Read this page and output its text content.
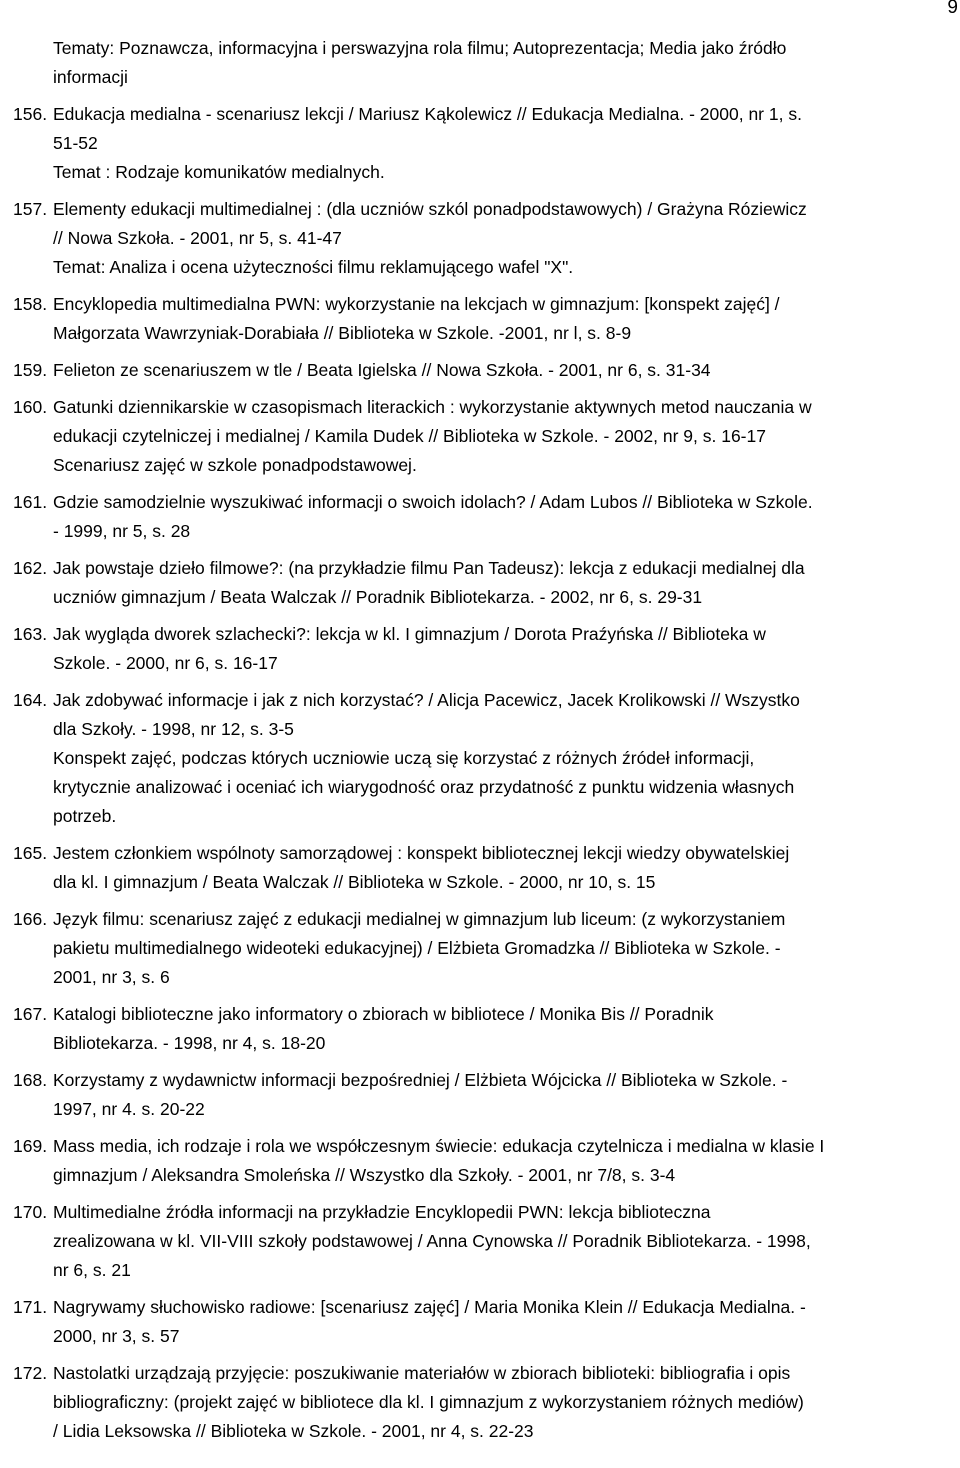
9
Tematy: Poznawcza, informacyjna i perswazyjna rola filmu; Autoprezentacja; Media jako źródło
informacji
156. Edukacja medialna - scenariusz lekcji / Mariusz Kąkolewicz // Edukacja Medialna. - 2000, nr 1, s.
51-52
Temat : Rodzaje komunikatów medialnych.
157. Elementy edukacji multimedialnej : (dla uczniów szkól ponadpodstawowych) / Grażyna Róziewicz
// Nowa Szkoła. - 2001, nr 5, s. 41-47
Temat: Analiza i ocena użyteczności filmu reklamującego wafel "X".
158. Encyklopedia multimedialna PWN: wykorzystanie na lekcjach w gimnazjum: [konspekt zajęć] /
Małgorzata Wawrzyniak-Dorabiała // Biblioteka w Szkole. -2001, nr l, s. 8-9
159. Felieton ze scenariuszem w tle / Beata Igielska // Nowa Szkoła. - 2001, nr 6, s. 31-34
160. Gatunki dziennikarskie w czasopismach literackich : wykorzystanie aktywnych metod nauczania w
edukacji czytelniczej i medialnej / Kamila Dudek // Biblioteka w Szkole. - 2002, nr 9, s. 16-17
Scenariusz zajęć w szkole ponadpodstawowej.
161. Gdzie samodzielnie wyszukiwać informacji o swoich idolach? / Adam Lubos // Biblioteka w Szkole.
- 1999, nr 5, s. 28
162. Jak powstaje dzieło filmowe?: (na przykładzie filmu Pan Tadeusz): lekcja z edukacji medialnej dla
uczniów gimnazjum / Beata Walczak // Poradnik Bibliotekarza. - 2002, nr 6, s. 29-31
163. Jak wygląda dworek szlachecki?: lekcja w kl. I gimnazjum / Dorota Praźyńska // Biblioteka w
Szkole. - 2000, nr 6, s. 16-17
164. Jak zdobywać informacje i jak z nich korzystać? / Alicja Pacewicz, Jacek Krolikowski // Wszystko
dla Szkoły. - 1998, nr 12, s. 3-5
Konspekt zajęć, podczas których uczniowie uczą się korzystać z różnych źródeł informacji,
krytycznie analizować i oceniać ich wiarygodność oraz przydatność z punktu widzenia własnych
potrzeb.
165. Jestem członkiem wspólnoty samorządowej : konspekt bibliotecznej lekcji wiedzy obywatelskiej
dla kl. I gimnazjum / Beata Walczak // Biblioteka w Szkole. - 2000, nr 10, s. 15
166. Język filmu: scenariusz zajęć z edukacji medialnej w gimnazjum lub liceum: (z wykorzystaniem
pakietu multimedialnego wideoteki edukacyjnej) / Elżbieta Gromadzka // Biblioteka w Szkole. -
2001, nr 3, s. 6
167. Katalogi biblioteczne jako informatory o zbiorach w bibliotece / Monika Bis // Poradnik
Bibliotekarza. - 1998, nr 4, s. 18-20
168. Korzystamy z wydawnictw informacji bezpośredniej / Elżbieta Wójcicka // Biblioteka w Szkole. -
1997, nr 4. s. 20-22
169. Mass media, ich rodzaje i rola we współczesnym świecie: edukacja czytelnicza i medialna w klasie I
gimnazjum / Aleksandra Smoleńska // Wszystko dla Szkoły. - 2001, nr 7/8, s. 3-4
170. Multimedialne źródła informacji na przykładzie Encyklopedii PWN: lekcja biblioteczna
zrealizowana w kl. VII-VIII szkoły podstawowej / Anna Cynowska // Poradnik Bibliotekarza. - 1998,
nr 6, s. 21
171. Nagrywamy słuchowisko radiowe: [scenariusz zajęć] / Maria Monika Klein // Edukacja Medialna. -
2000, nr 3, s. 57
172. Nastolatki urządzają przyjęcie: poszukiwanie materiałów w zbiorach biblioteki: bibliografia i opis
bibliograficzny: (projekt zajęć w bibliotece dla kl. I gimnazjum z wykorzystaniem różnych mediów)
/ Lidia Leksowska // Biblioteka w Szkole. - 2001, nr 4, s. 22-23
